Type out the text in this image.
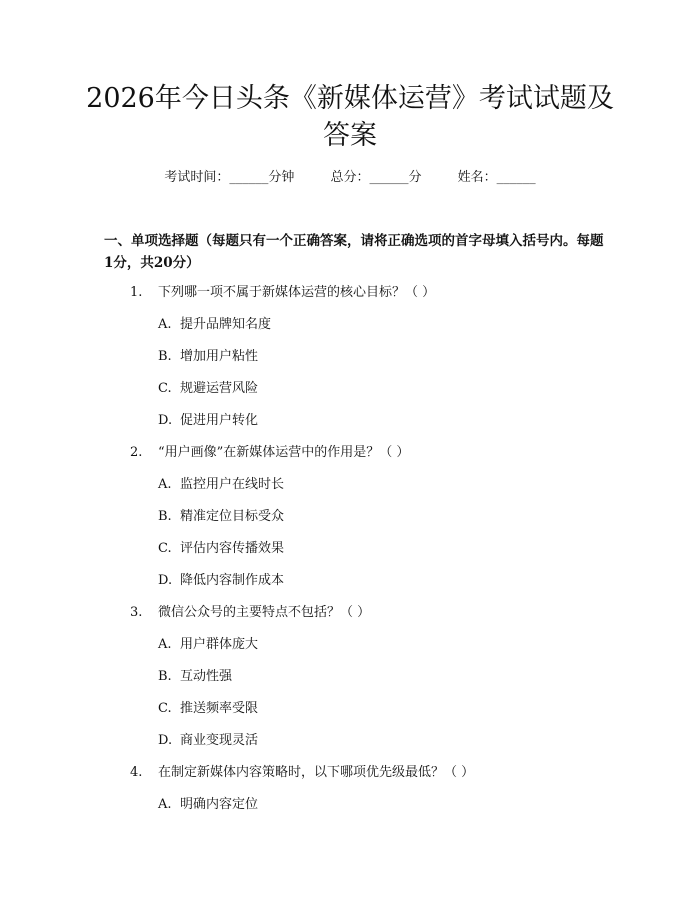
2026年今日头条《新媒体运营》考试试题及答案
考试时间：______分钟	总分：______分	姓名：______

一、单项选择题（每题只有一个正确答案，请将正确选项的首字母填入括号内。每题1分，共20分）

1. 下列哪一项不属于新媒体运营的核心目标？（ ）
A. 提升品牌知名度
B. 增加用户粘性
C. 规避运营风险
D. 促进用户转化
2. “用户画像”在新媒体运营中的作用是？（ ）
A. 监控用户在线时长
B. 精准定位目标受众
C. 评估内容传播效果
D. 降低内容制作成本
3. 微信公众号的主要特点不包括？（ ）
A. 用户群体庞大
B. 互动性强
C. 推送频率受限
D. 商业变现灵活
4. 在制定新媒体内容策略时，以下哪项优先级最低？（ ）
A. 明确内容定位
